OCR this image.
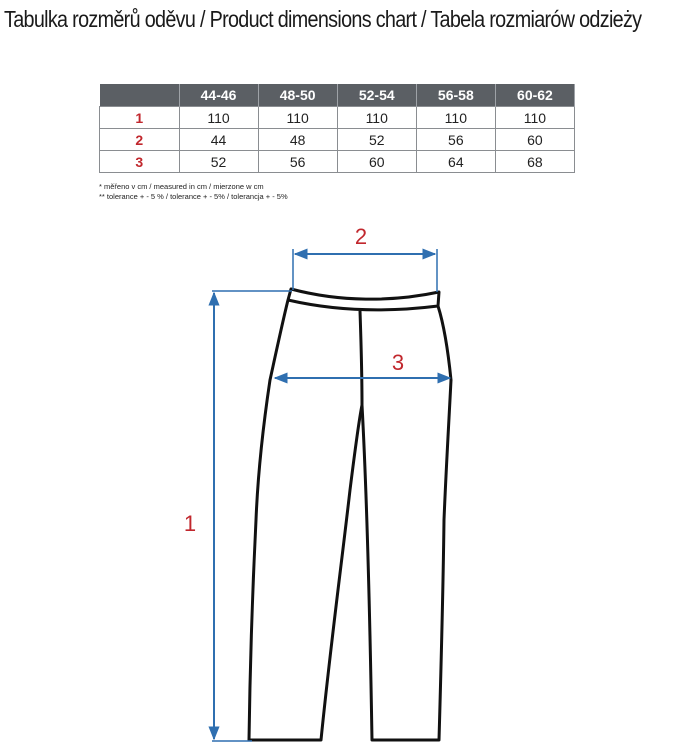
Tabulka rozměrů oděvu / Product dimensions chart / Tabela rozmiarów odzieży
	44-46	48-50	52-54	56-58	60-62
1	110	110	110	110	110
2	44	48	52	56	60
3	52	56	60	64	68
* měřeno v cm / measured in cm / mierzone w cm
** tolerance + - 5 % / tolerance + - 5% / tolerancja + - 5%
2
3
1
